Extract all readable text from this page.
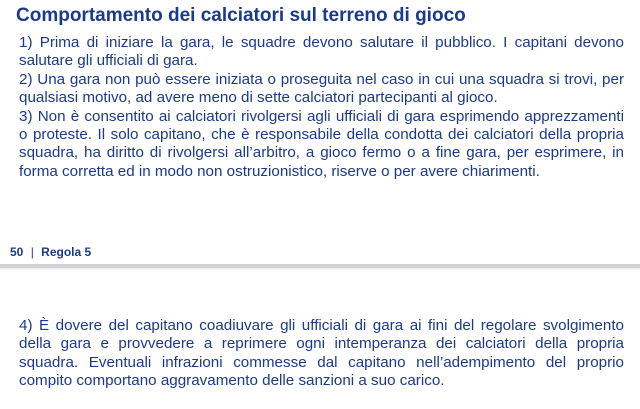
Comportamento dei calciatori sul terreno di gioco

1) Prima di iniziare la gara, le squadre devono salutare il pubblico. I capitani devono salutare gli ufficiali di gara.

2) Una gara non può essere iniziata o proseguita nel caso in cui una squadra si trovi, per qualsiasi motivo, ad avere meno di sette calciatori partecipanti al gioco.

3) Non è consentito ai calciatori rivolgersi agli ufficiali di gara esprimendo apprezzamenti o proteste. Il solo capitano, che è responsabile della condotta dei calciatori della propria squadra, ha diritto di rivolgersi all’arbitro, a gioco fermo o a fine gara, per esprimere, in forma corretta ed in modo non ostruzionistico, riserve o per avere chiarimenti.

50 | Regola 5

4) È dovere del capitano coadiuvare gli ufficiali di gara ai fini del regolare svolgimento della gara e provvedere a reprimere ogni intemperanza dei calciatori della propria squadra. Eventuali infrazioni commesse dal capitano nell’adempimento del proprio compito comportano aggravamento delle sanzioni a suo carico.
